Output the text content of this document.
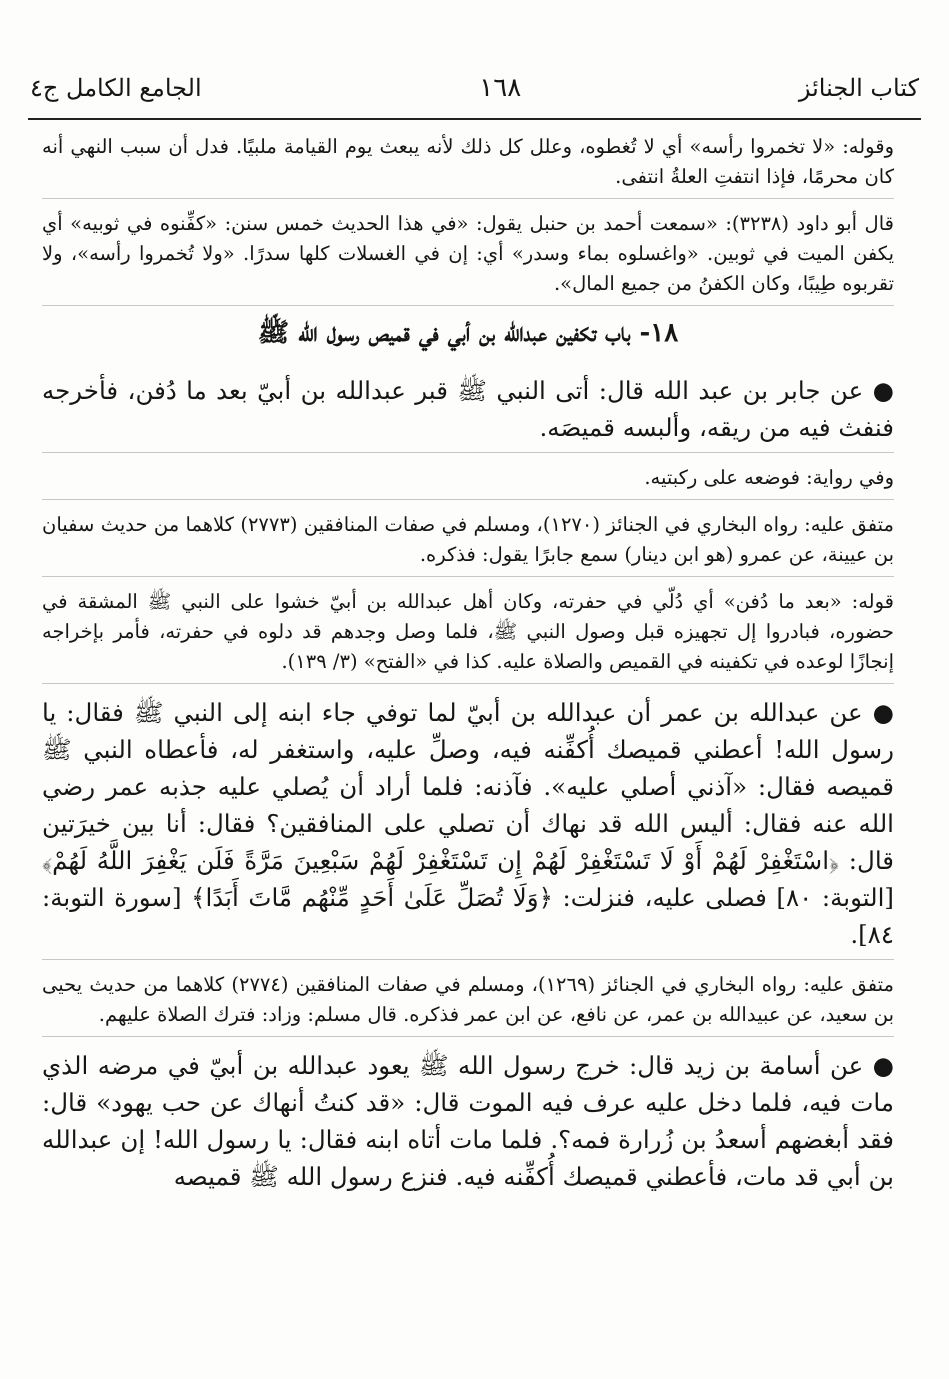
كتاب الجنائز
١٦٨
الجامع الكامل ج٤

وقوله: «لا تخمروا رأسه» أي لا تُغطوه، وعلل كل ذلك لأنه يبعث يوم القيامة ملبيًا. فدل أن سبب النهي أنه كان محرمًا، فإذا انتفتِ العلةُ انتفى.

قال أبو داود (٣٢٣٨): «سمعت أحمد بن حنبل يقول: «في هذا الحديث خمس سنن: «كفِّنوه في ثوبيه» أي يكفن الميت في ثوبين. «واغسلوه بماء وسدر» أي: إن في الغسلات كلها سدرًا. «ولا تُخمروا رأسه»، ولا تقربوه طِيبًا، وكان الكفنُ من جميع المال».

١٨- باب تكفين عبدالله بن أبي في قميص رسول الله ﷺ

● عن جابر بن عبد الله قال: أتى النبي ﷺ قبر عبدالله بن أبيّ بعد ما دُفن، فأخرجه فنفث فيه من ريقه، وألبسه قميصَه.

وفي رواية: فوضعه على ركبتيه.

متفق عليه: رواه البخاري في الجنائز (١٢٧٠)، ومسلم في صفات المنافقين (٢٧٧٣) كلاهما من حديث سفيان بن عيينة، عن عمرو (هو ابن دينار) سمع جابرًا يقول: فذكره.

قوله: «بعد ما دُفن» أي دُلّي في حفرته، وكان أهل عبدالله بن أبيّ خشوا على النبي ﷺ المشقة في حضوره، فبادروا إل تجهيزه قبل وصول النبي ﷺ، فلما وصل وجدهم قد دلوه في حفرته، فأمر بإخراجه إنجازًا لوعده في تكفينه في القميص والصلاة عليه. كذا في «الفتح» (٣/ ١٣٩).

● عن عبدالله بن عمر أن عبدالله بن أبيّ لما توفي جاء ابنه إلى النبي ﷺ فقال: يا رسول الله! أعطني قميصك أُكفِّنه فيه، وصلِّ عليه، واستغفر له، فأعطاه النبي ﷺ قميصه فقال: «آذني أصلي عليه». فآذنه: فلما أراد أن يُصلي عليه جذبه عمر رضي الله عنه فقال: أليس الله قد نهاك أن تصلي على المنافقين؟ فقال: أنا بين خيرَتين قال: ﴿اسْتَغْفِرْ لَهُمْ أَوْ لَا تَسْتَغْفِرْ لَهُمْ إِن تَسْتَغْفِرْ لَهُمْ سَبْعِينَ مَرَّةً فَلَن يَغْفِرَ اللَّهُ لَهُمْ﴾ [التوبة: ٨٠] فصلى عليه، فنزلت: ﴿وَلَا تُصَلِّ عَلَىٰ أَحَدٍ مِّنْهُم مَّاتَ أَبَدًا﴾ [سورة التوبة: ٨٤].

متفق عليه: رواه البخاري في الجنائز (١٢٦٩)، ومسلم في صفات المنافقين (٢٧٧٤) كلاهما من حديث يحيى بن سعيد، عن عبيدالله بن عمر، عن نافع، عن ابن عمر فذكره. قال مسلم: وزاد: فترك الصلاة عليهم.

● عن أسامة بن زيد قال: خرج رسول الله ﷺ يعود عبدالله بن أبيّ في مرضه الذي مات فيه، فلما دخل عليه عرف فيه الموت قال: «قد كنتُ أنهاك عن حب يهود» قال: فقد أبغضهم أسعدُ بن زُرارة فمه؟. فلما مات أتاه ابنه فقال: يا رسول الله! إن عبدالله بن أبي قد مات، فأعطني قميصك أُكفِّنه فيه. فنزع رسول الله ﷺ قميصه
